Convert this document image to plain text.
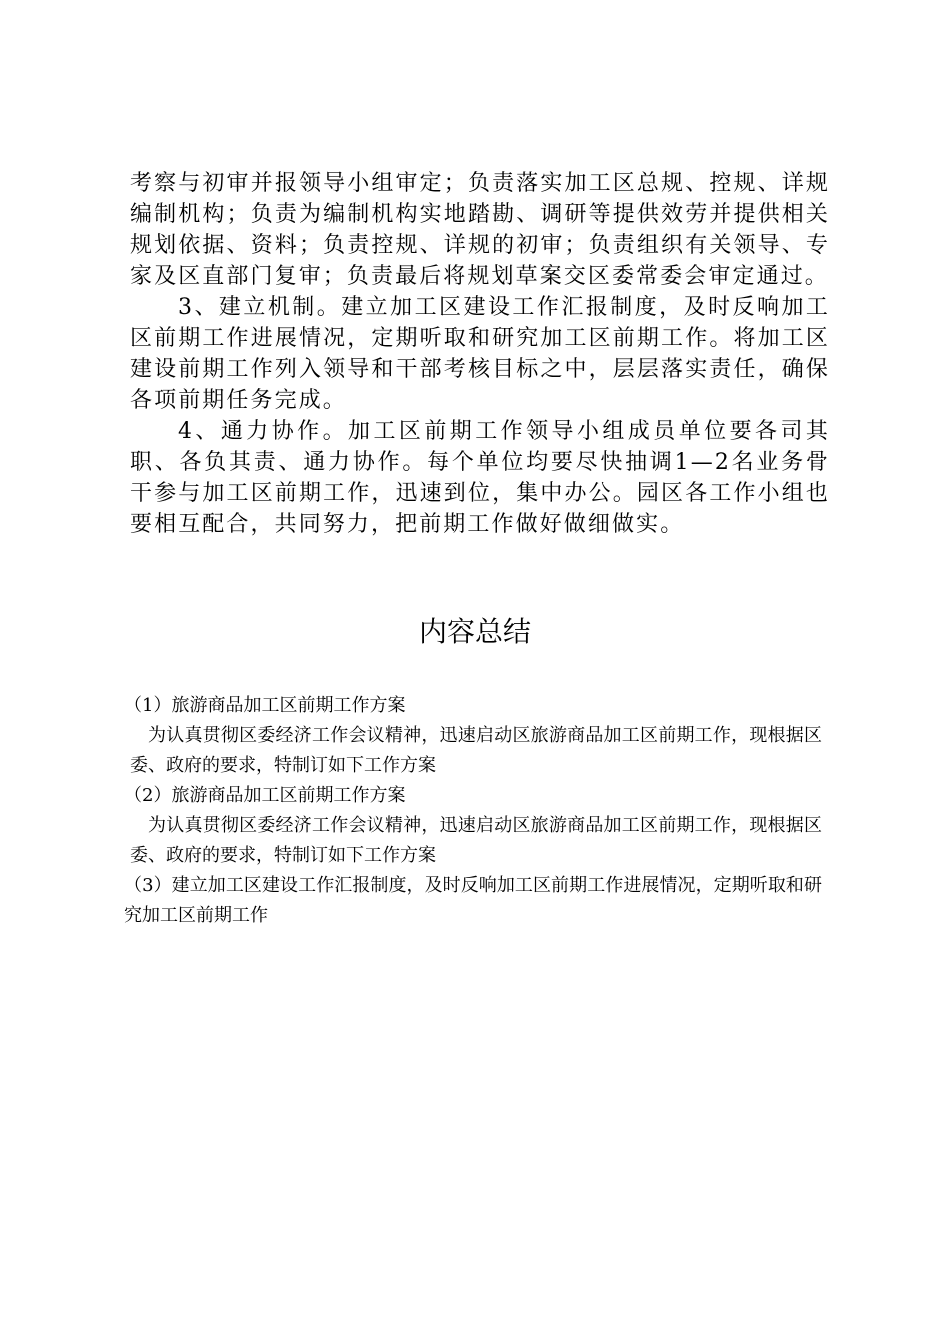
考察与初审并报领导小组审定；负责落实加工区总规、控规、详规编制机构；负责为编制机构实地踏勘、调研等提供效劳并提供相关规划依据、资料；负责控规、详规的初审；负责组织有关领导、专家及区直部门复审；负责最后将规划草案交区委常委会审定通过。

3、建立机制。建立加工区建设工作汇报制度，及时反响加工区前期工作进展情况，定期听取和研究加工区前期工作。将加工区建设前期工作列入领导和干部考核目标之中，层层落实责任，确保各项前期任务完成。

4、通力协作。加工区前期工作领导小组成员单位要各司其职、各负其责、通力协作。每个单位均要尽快抽调1—2名业务骨干参与加工区前期工作，迅速到位，集中办公。园区各工作小组也要相互配合，共同努力，把前期工作做好做细做实。

内容总结

（1）旅游商品加工区前期工作方案

为认真贯彻区委经济工作会议精神，迅速启动区旅游商品加工区前期工作，现根据区委、政府的要求，特制订如下工作方案

（2）旅游商品加工区前期工作方案

为认真贯彻区委经济工作会议精神，迅速启动区旅游商品加工区前期工作，现根据区委、政府的要求，特制订如下工作方案

（3）建立加工区建设工作汇报制度，及时反响加工区前期工作进展情况，定期听取和研究加工区前期工作
